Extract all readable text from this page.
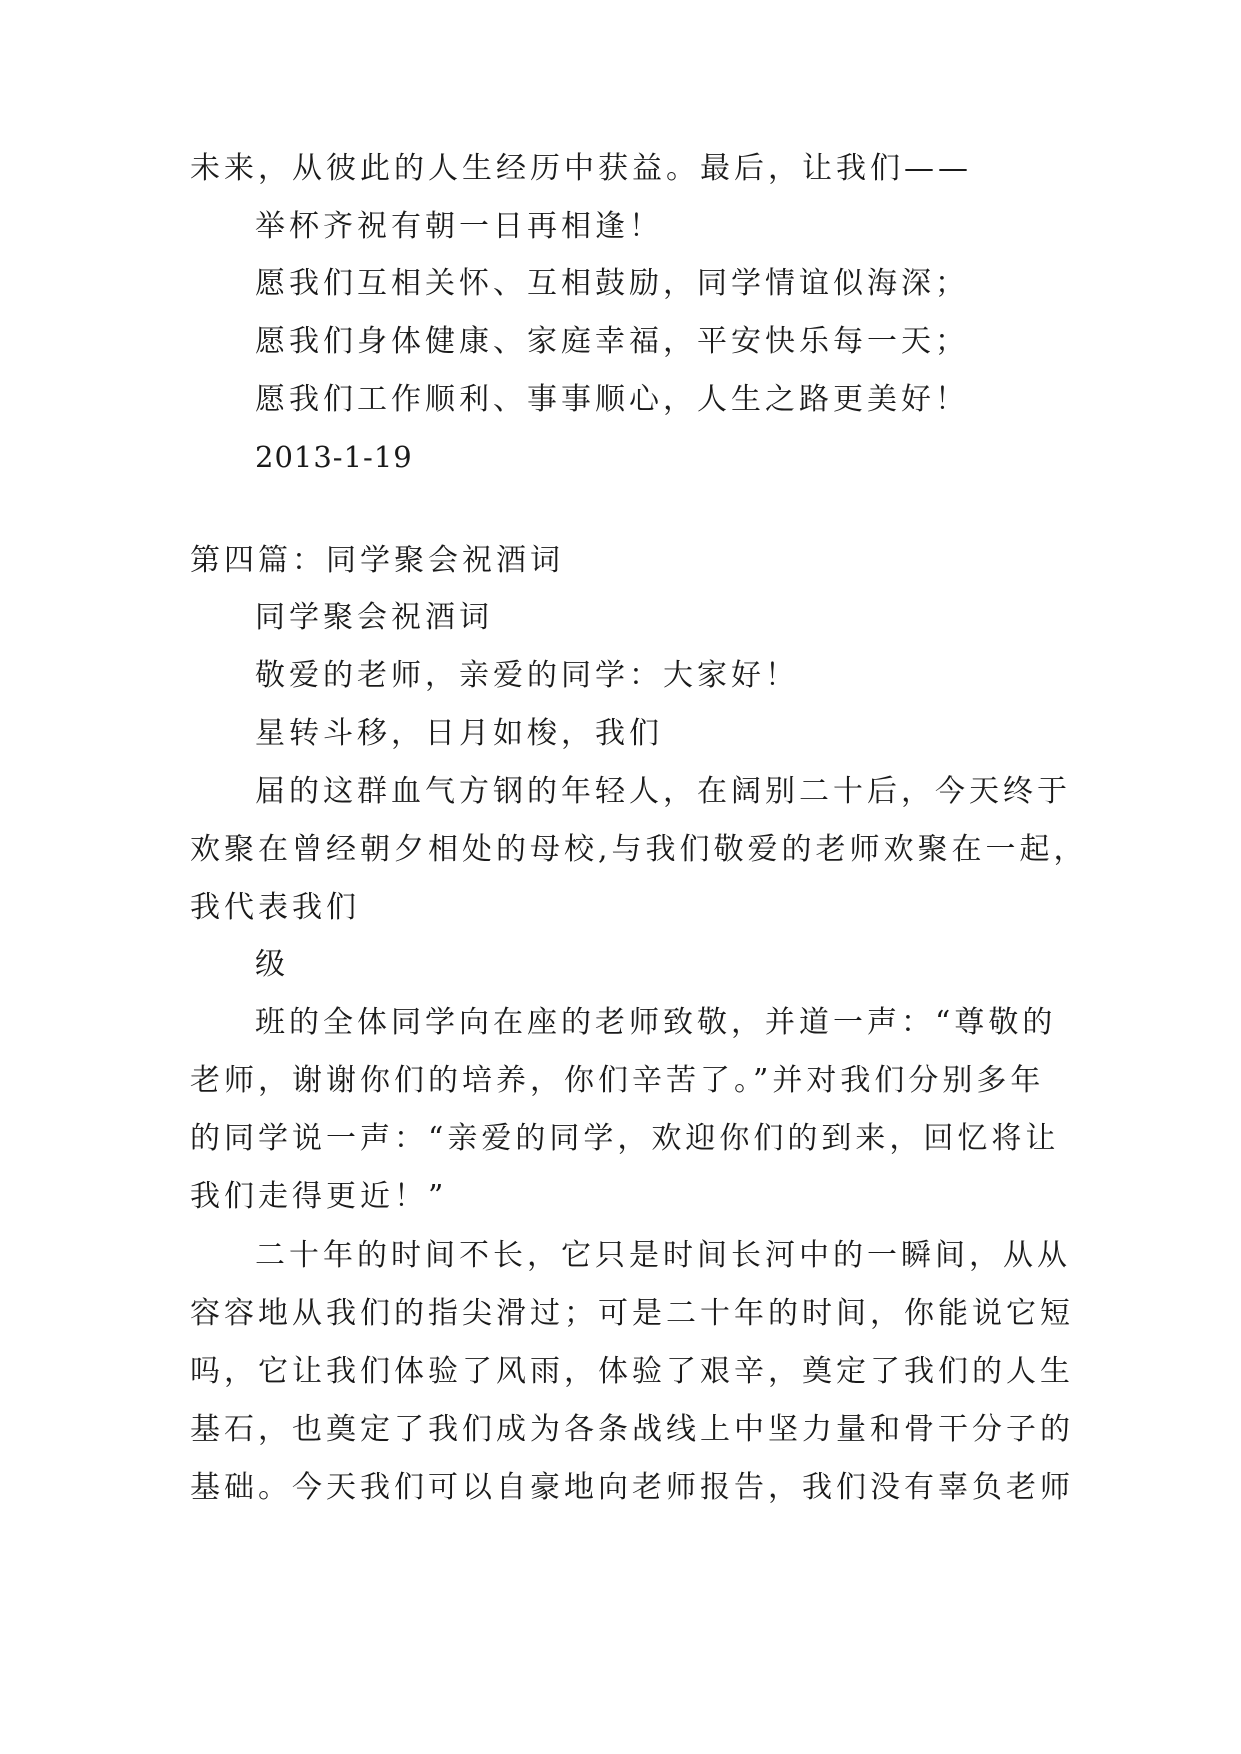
未来，从彼此的人生经历中获益。最后，让我们——
举杯齐祝有朝一日再相逢！
愿我们互相关怀、互相鼓励，同学情谊似海深；
愿我们身体健康、家庭幸福，平安快乐每一天；
愿我们工作顺利、事事顺心，人生之路更美好！
2013-1-19
第四篇：同学聚会祝酒词
同学聚会祝酒词
敬爱的老师，亲爱的同学：大家好！
星转斗移，日月如梭，我们
届的这群血气方钢的年轻人，在阔别二十后，今天终于
欢聚在曾经朝夕相处的母校,与我们敬爱的老师欢聚在一起，
我代表我们
级
班的全体同学向在座的老师致敬，并道一声：“尊敬的
老师，谢谢你们的培养，你们辛苦了。”并对我们分别多年
的同学说一声：“亲爱的同学，欢迎你们的到来，回忆将让
我们走得更近！”
二十年的时间不长，它只是时间长河中的一瞬间，从从
容容地从我们的指尖滑过；可是二十年的时间，你能说它短
吗，它让我们体验了风雨，体验了艰辛，奠定了我们的人生
基石，也奠定了我们成为各条战线上中坚力量和骨干分子的
基础。今天我们可以自豪地向老师报告，我们没有辜负老师
